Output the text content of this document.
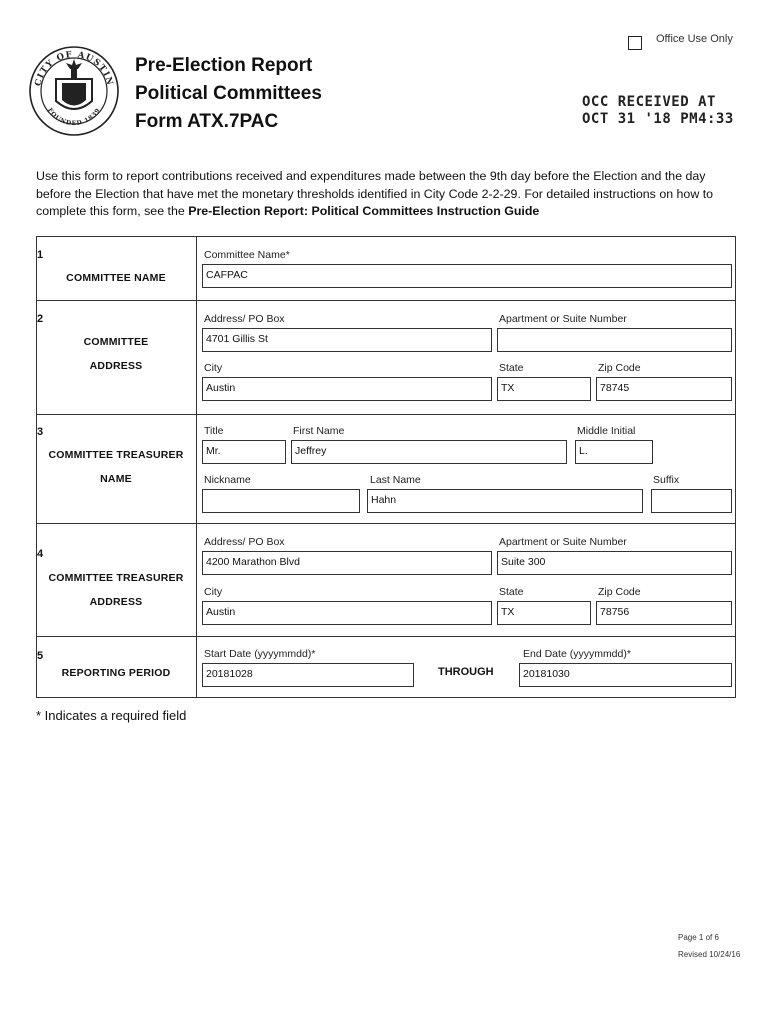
Office Use Only
CITY OF AUSTIN
FOUNDED 1839
Pre-Election Report
Political Committees
Form ATX.7PAC
OCC RECEIVED AT
OCT 31 '18 PM4:33
Use this form to report contributions received and expenditures made between the 9th day before the Election and the day before the Election that have met the monetary thresholds identified in City Code 2-2-29. For detailed instructions on how to complete this form, see the Pre-Election Report: Political Committees Instruction Guide
1
COMMITTEE NAME
Committee Name*
CAFPAC
2
COMMITTEE
ADDRESS
Address/ PO Box
4701 Gillis St
Apartment or Suite Number
City
Austin
State
TX
Zip Code
78745
3
COMMITTEE TREASURER
NAME
Title
Mr.
First Name
Jeffrey
Middle Initial
L.
Nickname	Last Name
Hahn
Suffix
4
COMMITTEE TREASURER
ADDRESS
Address/ PO Box
4200 Marathon Blvd
Apartment or Suite Number
Suite 300
City
Austin
State
TX
Zip Code
78756
5
REPORTING PERIOD
Start Date (yyyymmdd)*
20181028	THROUGH
End Date (yyyymmdd)*
20181030
* Indicates a required field
Page 1 of 6
Revised 10/24/16
